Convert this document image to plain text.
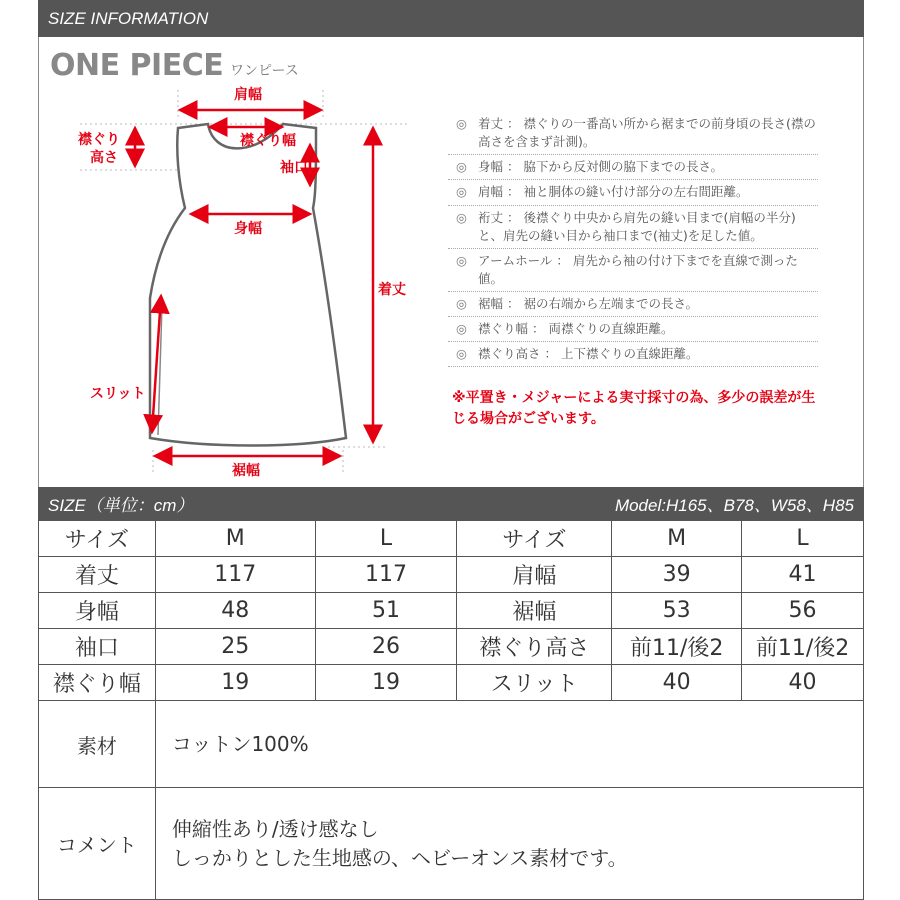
SIZE INFORMATION
ONE PIECE ワンピース
肩幅
襟ぐり
高さ
襟ぐり幅
袖口
身幅
着丈
スリット
裾幅
◎ 着丈 ： 襟ぐりの一番高い所から裾までの前身頃の長さ(襟の高さを含まず計測)。
◎ 身幅 ： 脇下から反対側の脇下までの長さ。
◎ 肩幅 ： 袖と胴体の縫い付け部分の左右間距離。
◎ 裄丈 ： 後襟ぐり中央から肩先の縫い目まで(肩幅の半分)と、肩先の縫い目から袖口まで(袖丈)を足した値。
◎ アームホール ： 肩先から袖の付け下までを直線で測った値。
◎ 裾幅 ： 裾の右端から左端までの長さ。
◎ 襟ぐり幅 ： 両襟ぐりの直線距離。
◎ 襟ぐり高さ ： 上下襟ぐりの直線距離。
※平置き・メジャーによる実寸採寸の為、多少の誤差が生じる場合がございます。
SIZE（単位：cm）	Model:H165、B78、W58、H85
サイズ	M	L	サイズ	M	L
着丈	117	117	肩幅	39	41
身幅	48	51	裾幅	53	56
袖口	25	26	襟ぐり高さ	前11/後2	前11/後2
襟ぐり幅	19	19	スリット	40	40
素材	コットン100%				
コメント	伸縮性あり/透け感なし
しっかりとした生地感の、ヘビーオンス素材です。				
